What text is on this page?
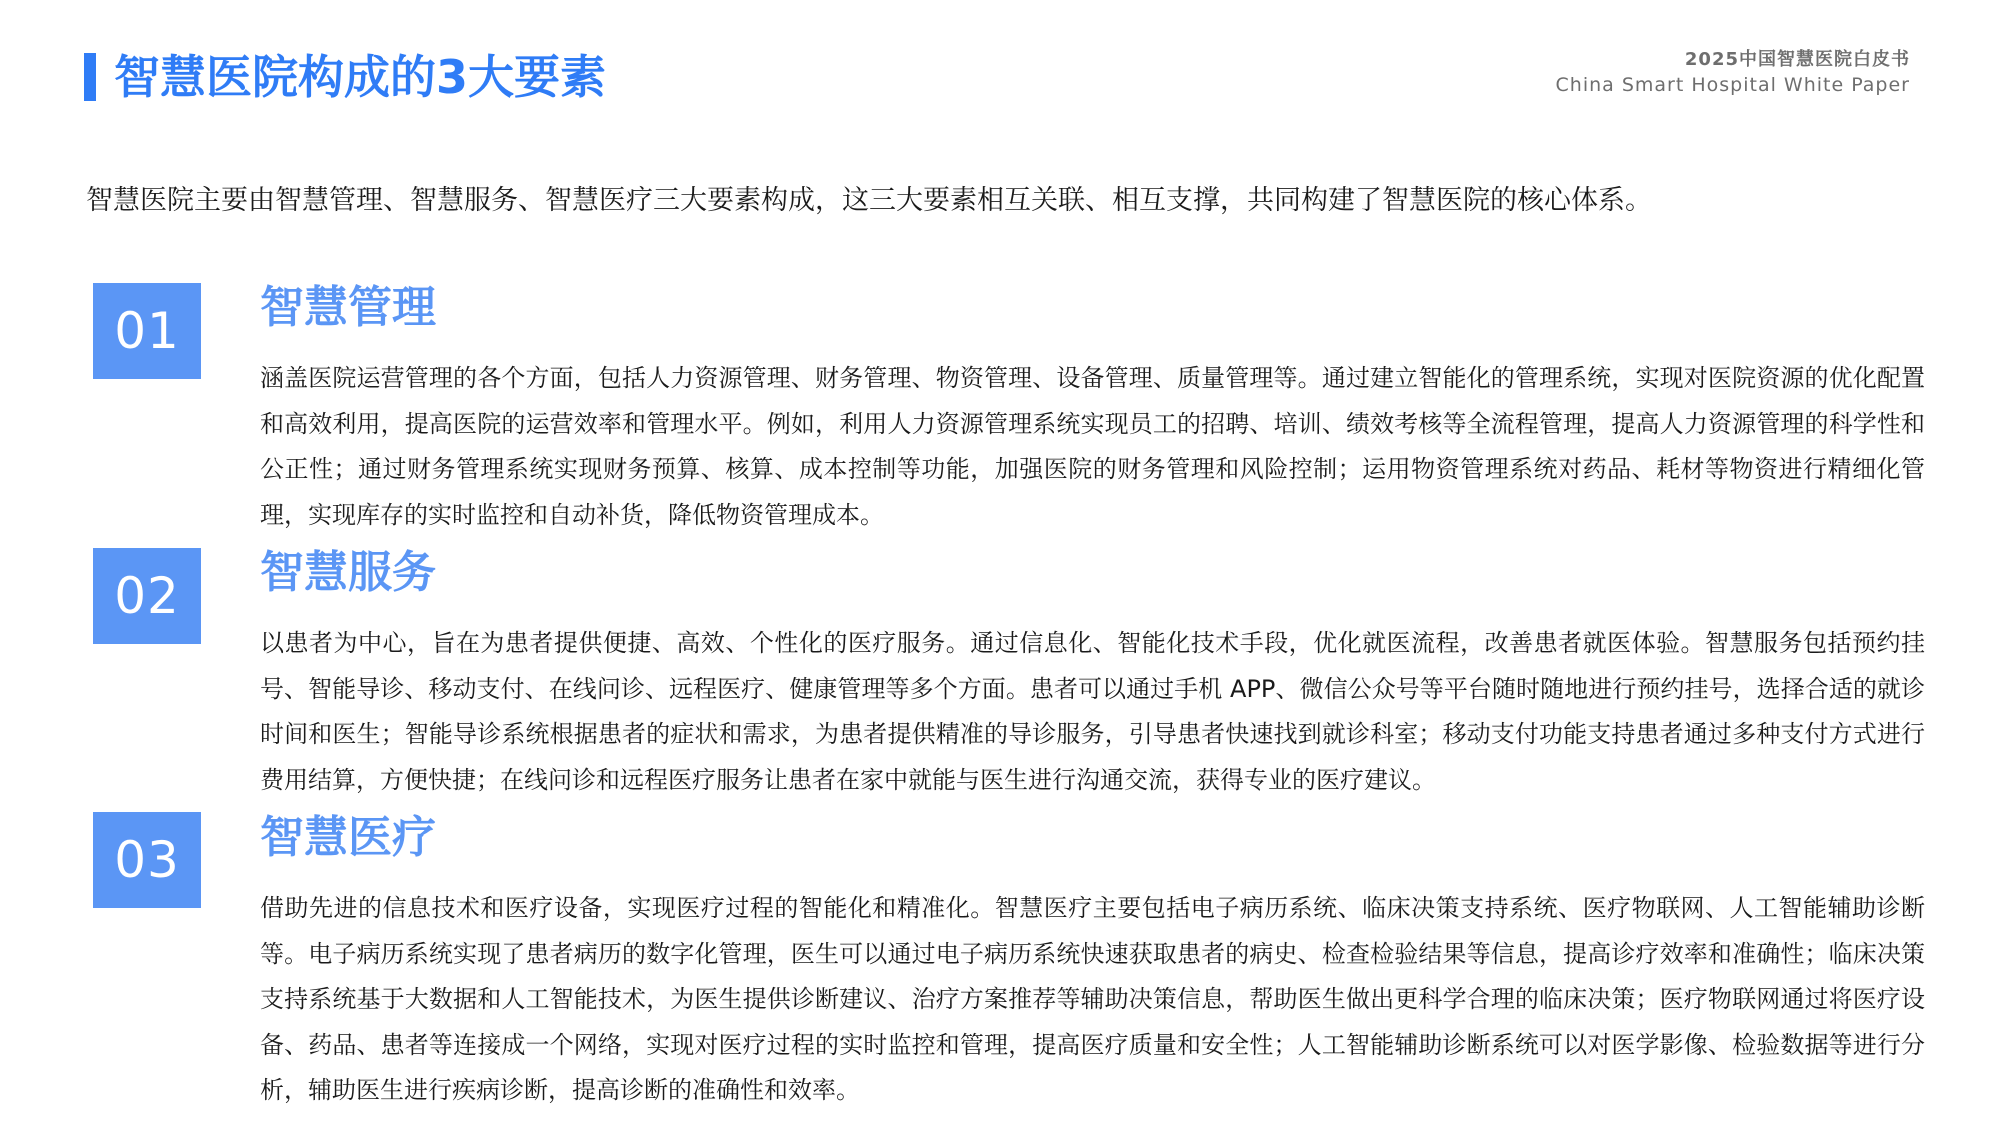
智慧医院构成的3大要素	2025中国智慧医院白皮书
China Smart Hospital White Paper
智慧医院主要由智慧管理、智慧服务、智慧医疗三大要素构成，这三大要素相互关联、相互支撑，共同构建了智慧医院的核心体系。
01	智慧管理
涵盖医院运营管理的各个方面，包括人力资源管理、财务管理、物资管理、设备管理、质量管理等。通过建立智能化的管理系统，实现对医院资源的优化配置和高效利用，提高医院的运营效率和管理水平。例如，利用人力资源管理系统实现员工的招聘、培训、绩效考核等全流程管理，提高人力资源管理的科学性和公正性；通过财务管理系统实现财务预算、核算、成本控制等功能，加强医院的财务管理和风险控制；运用物资管理系统对药品、耗材等物资进行精细化管理，实现库存的实时监控和自动补货，降低物资管理成本。
02	智慧服务
以患者为中心，旨在为患者提供便捷、高效、个性化的医疗服务。通过信息化、智能化技术手段，优化就医流程，改善患者就医体验。智慧服务包括预约挂号、智能导诊、移动支付、在线问诊、远程医疗、健康管理等多个方面。患者可以通过手机 APP、微信公众号等平台随时随地进行预约挂号，选择合适的就诊时间和医生；智能导诊系统根据患者的症状和需求，为患者提供精准的导诊服务，引导患者快速找到就诊科室；移动支付功能支持患者通过多种支付方式进行费用结算，方便快捷；在线问诊和远程医疗服务让患者在家中就能与医生进行沟通交流，获得专业的医疗建议。
03	智慧医疗
借助先进的信息技术和医疗设备，实现医疗过程的智能化和精准化。智慧医疗主要包括电子病历系统、临床决策支持系统、医疗物联网、人工智能辅助诊断等。电子病历系统实现了患者病历的数字化管理，医生可以通过电子病历系统快速获取患者的病史、检查检验结果等信息，提高诊疗效率和准确性；临床决策支持系统基于大数据和人工智能技术，为医生提供诊断建议、治疗方案推荐等辅助决策信息，帮助医生做出更科学合理的临床决策；医疗物联网通过将医疗设备、药品、患者等连接成一个网络，实现对医疗过程的实时监控和管理，提高医疗质量和安全性；人工智能辅助诊断系统可以对医学影像、检验数据等进行分析，辅助医生进行疾病诊断，提高诊断的准确性和效率。
